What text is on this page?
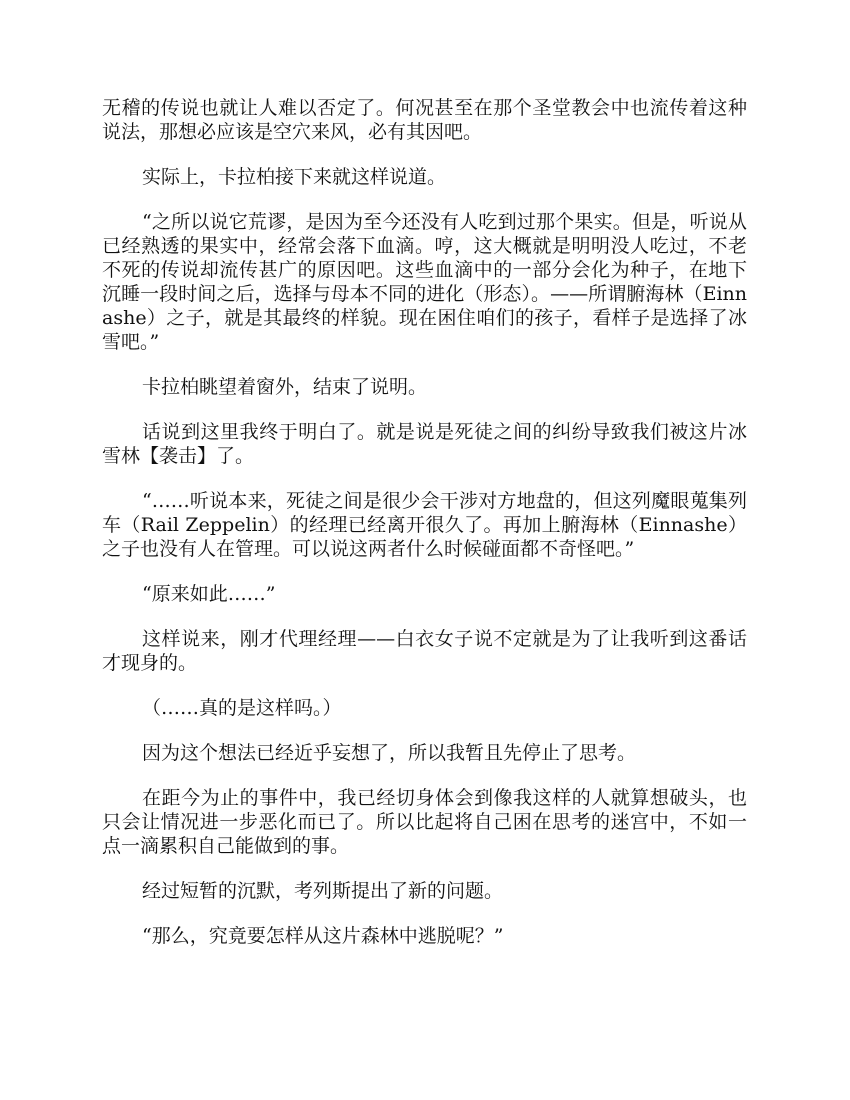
无稽的传说也就让人难以否定了。何况甚至在那个圣堂教会中也流传着这种说法，那想必应该是空穴来风，必有其因吧。

实际上，卡拉柏接下来就这样说道。

“之所以说它荒谬，是因为至今还没有人吃到过那个果实。但是，听说从已经熟透的果实中，经常会落下血滴。哼，这大概就是明明没人吃过，不老不死的传说却流传甚广的原因吧。这些血滴中的一部分会化为种子，在地下沉睡一段时间之后，选择与母本不同的进化（形态）。——所谓腑海林（Einnashe）之子，就是其最终的样貌。现在困住咱们的孩子，看样子是选择了冰雪吧。”

卡拉柏眺望着窗外，结束了说明。

话说到这里我终于明白了。就是说是死徒之间的纠纷导致我们被这片冰雪林【袭击】了。

“……听说本来，死徒之间是很少会干涉对方地盘的，但这列魔眼蒐集列车（Rail Zeppelin）的经理已经离开很久了。再加上腑海林（Einnashe）之子也没有人在管理。可以说这两者什么时候碰面都不奇怪吧。”

“原来如此……”

这样说来，刚才代理经理——白衣女子说不定就是为了让我听到这番话才现身的。

（……真的是这样吗。）

因为这个想法已经近乎妄想了，所以我暂且先停止了思考。

在距今为止的事件中，我已经切身体会到像我这样的人就算想破头，也只会让情况进一步恶化而已了。所以比起将自己困在思考的迷宫中，不如一点一滴累积自己能做到的事。

经过短暂的沉默，考列斯提出了新的问题。

“那么，究竟要怎样从这片森林中逃脱呢？”
